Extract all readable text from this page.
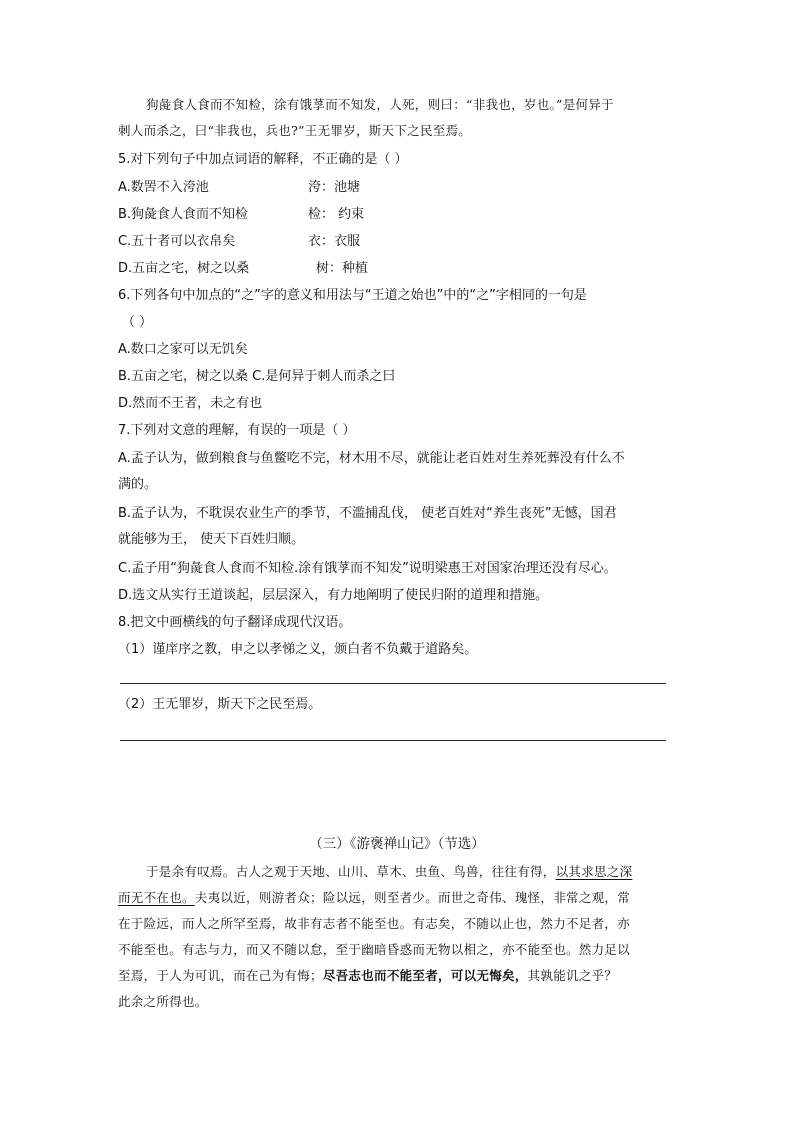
狗彘食人食而不知检，涂有饿莩而不知发，人死，则曰：“非我也，岁也。”是何异于
刺人而杀之，曰“非我也，兵也?”王无罪岁，斯天下之民至焉。
5.对下列句子中加点词语的解释，不正确的是（ ）
A.数罟不入洿池	洿：池塘
B.狗彘食人食而不知检	检： 约束
C.五十者可以衣帛矣	衣：衣服
D.五亩之宅，树之以桑	树：种植
6.下列各句中加点的“之”字的意义和用法与“王道之始也”中的“之”字相同的一句是
（ ）
A.数口之家可以无饥矣
B.五亩之宅，树之以桑 C.是何异于刺人而杀之曰
D.然而不王者，未之有也
7.下列对文意的理解，有误的一项是（ ）
A.孟子认为，做到粮食与鱼鳖吃不完，材木用不尽，就能让老百姓对生养死葬没有什么不
满的。
B.孟子认为，不耽误农业生产的季节，不滥捕乱伐， 使老百姓对“养生丧死”无憾，国君
就能够为王， 使天下百姓归顺。
C.孟子用“狗彘食人食而不知检.涂有饿莩而不知发”说明梁惠王对国家治理还没有尽心。
D.选文从实行王道谈起，层层深入，有力地阐明了使民归附的道理和措施。
8.把文中画横线的句子翻译成现代汉语。
（1）谨庠序之教，申之以孝悌之义，颁白者不负戴于道路矣。
（2）王无罪岁，斯天下之民至焉。
（三）《游褒禅山记》（节选）
于是余有叹焉。古人之观于天地、山川、草木、虫鱼、鸟兽，往往有得，以其求思之深
而无不在也。夫夷以近，则游者众；险以远，则至者少。而世之奇伟、瑰怪，非常之观，常
在于险远，而人之所罕至焉，故非有志者不能至也。有志矣，不随以止也，然力不足者，亦
不能至也。有志与力，而又不随以怠，至于幽暗昏惑而无物以相之，亦不能至也。然力足以
至焉，于人为可讥，而在己为有悔；尽吾志也而不能至者，可以无悔矣，其孰能讥之乎？
此余之所得也。
